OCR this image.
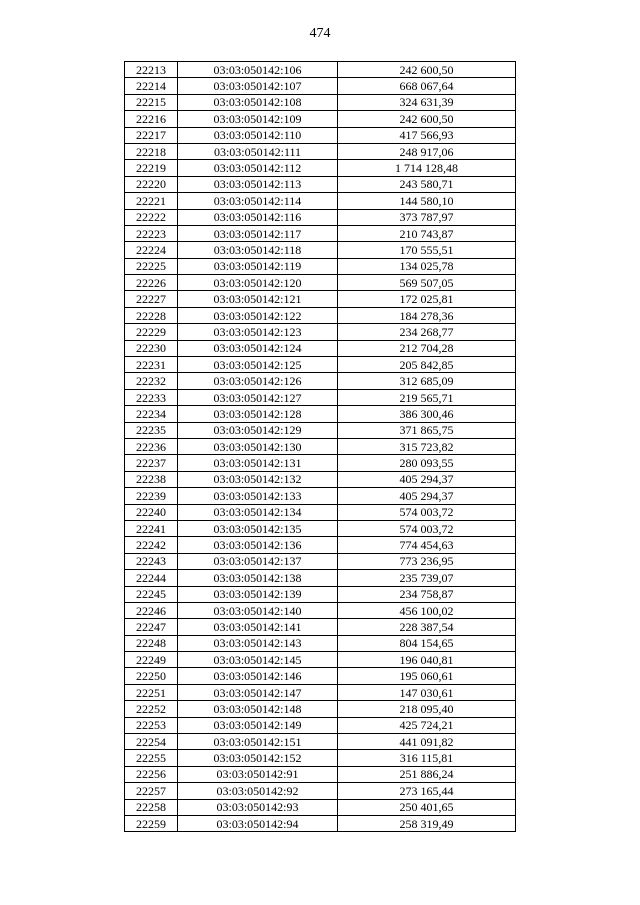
474
22213	03:03:050142:106	242 600,50
22214	03:03:050142:107	668 067,64
22215	03:03:050142:108	324 631,39
22216	03:03:050142:109	242 600,50
22217	03:03:050142:110	417 566,93
22218	03:03:050142:111	248 917,06
22219	03:03:050142:112	1 714 128,48
22220	03:03:050142:113	243 580,71
22221	03:03:050142:114	144 580,10
22222	03:03:050142:116	373 787,97
22223	03:03:050142:117	210 743,87
22224	03:03:050142:118	170 555,51
22225	03:03:050142:119	134 025,78
22226	03:03:050142:120	569 507,05
22227	03:03:050142:121	172 025,81
22228	03:03:050142:122	184 278,36
22229	03:03:050142:123	234 268,77
22230	03:03:050142:124	212 704,28
22231	03:03:050142:125	205 842,85
22232	03:03:050142:126	312 685,09
22233	03:03:050142:127	219 565,71
22234	03:03:050142:128	386 300,46
22235	03:03:050142:129	371 865,75
22236	03:03:050142:130	315 723,82
22237	03:03:050142:131	280 093,55
22238	03:03:050142:132	405 294,37
22239	03:03:050142:133	405 294,37
22240	03:03:050142:134	574 003,72
22241	03:03:050142:135	574 003,72
22242	03:03:050142:136	774 454,63
22243	03:03:050142:137	773 236,95
22244	03:03:050142:138	235 739,07
22245	03:03:050142:139	234 758,87
22246	03:03:050142:140	456 100,02
22247	03:03:050142:141	228 387,54
22248	03:03:050142:143	804 154,65
22249	03:03:050142:145	196 040,81
22250	03:03:050142:146	195 060,61
22251	03:03:050142:147	147 030,61
22252	03:03:050142:148	218 095,40
22253	03:03:050142:149	425 724,21
22254	03:03:050142:151	441 091,82
22255	03:03:050142:152	316 115,81
22256	03:03:050142:91	251 886,24
22257	03:03:050142:92	273 165,44
22258	03:03:050142:93	250 401,65
22259	03:03:050142:94	258 319,49
